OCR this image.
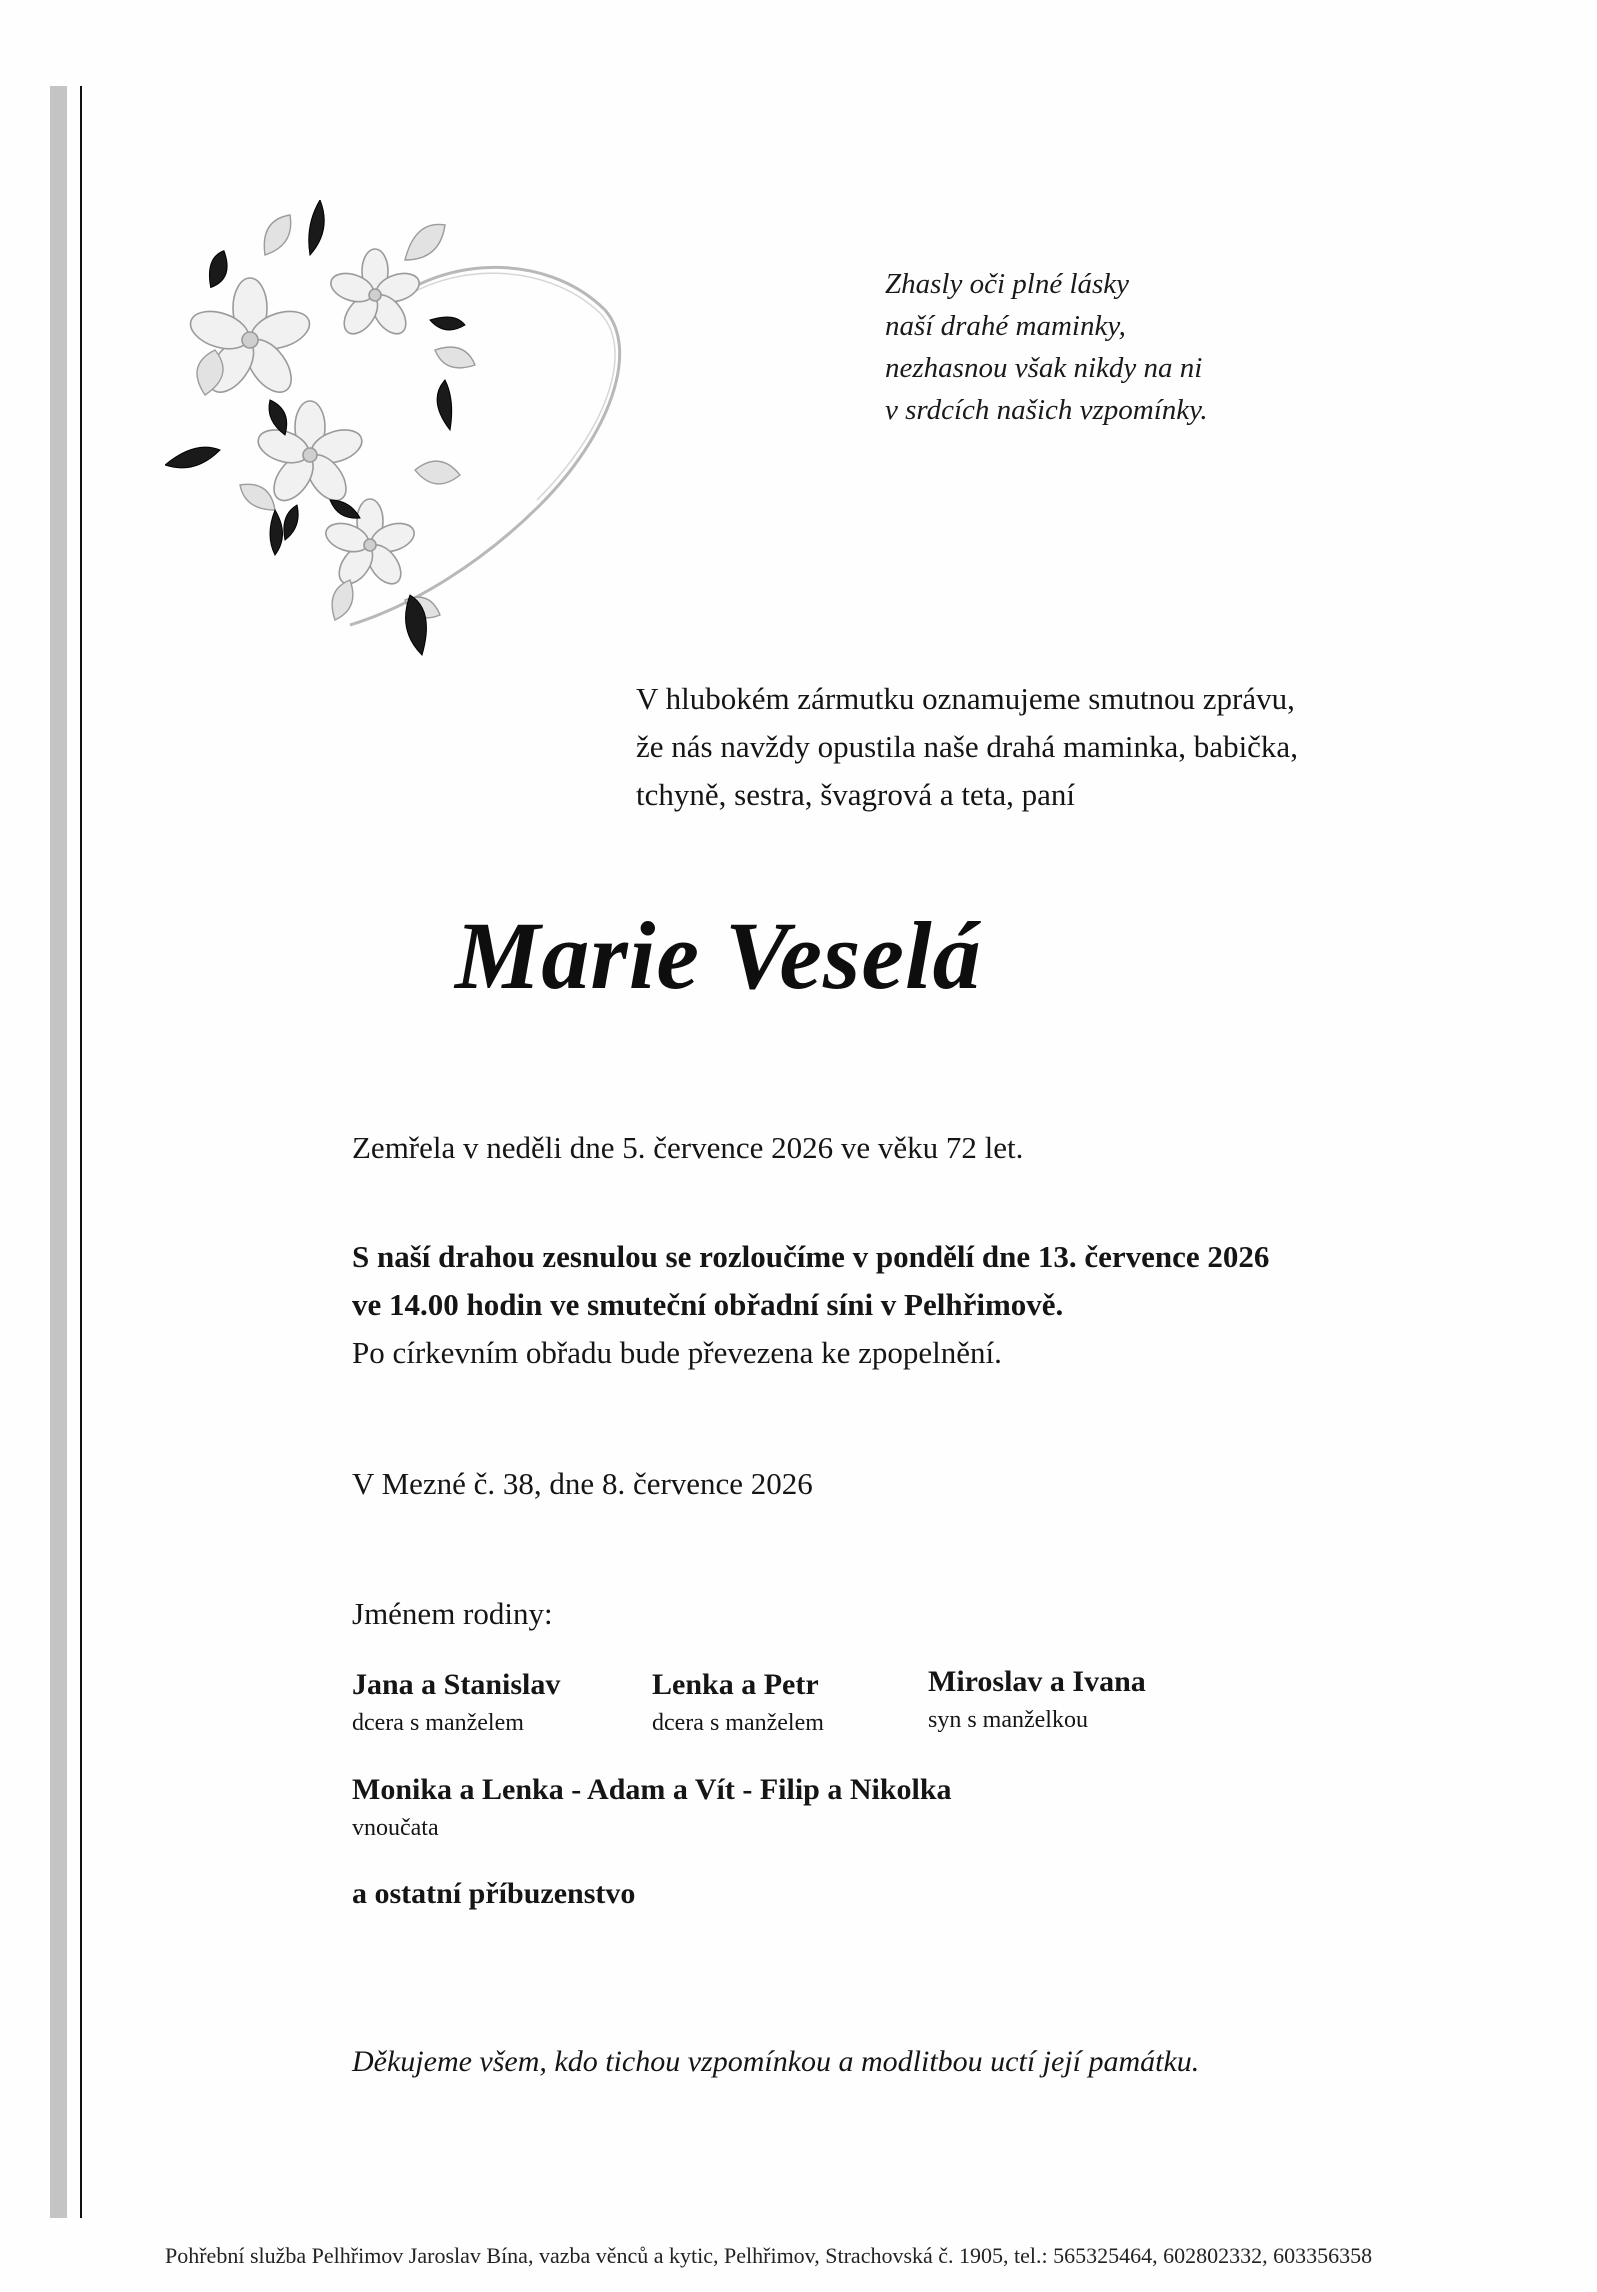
Zhasly oči plné lásky
naší drahé maminky,
nezhasnou však nikdy na ni
v srdcích našich vzpomínky.
V hlubokém zármutku oznamujeme smutnou zprávu,
že nás navždy opustila naše drahá maminka, babička,
tchyně, sestra, švagrová a teta, paní
Marie Veselá
Zemřela v neděli dne 5. července 2026 ve věku 72 let.
S naší drahou zesnulou se rozloučíme v pondělí dne 13. července 2026
ve 14.00 hodin ve smuteční obřadní síni v Pelhřimově.
Po církevním obřadu bude převezena ke zpopelnění.
V Mezné č. 38, dne 8. července 2026
Jménem rodiny:
Jana a Stanislav
dcera s manželem
Lenka a Petr
dcera s manželem
Miroslav a Ivana
syn s manželkou
Monika a Lenka - Adam a Vít - Filip a Nikolka
vnoučata
a ostatní příbuzenstvo
Děkujeme všem, kdo tichou vzpomínkou a modlitbou uctí její památku.
Pohřební služba Pelhřimov Jaroslav Bína, vazba věnců a kytic, Pelhřimov, Strachovská č. 1905, tel.: 565325464, 602802332, 603356358
